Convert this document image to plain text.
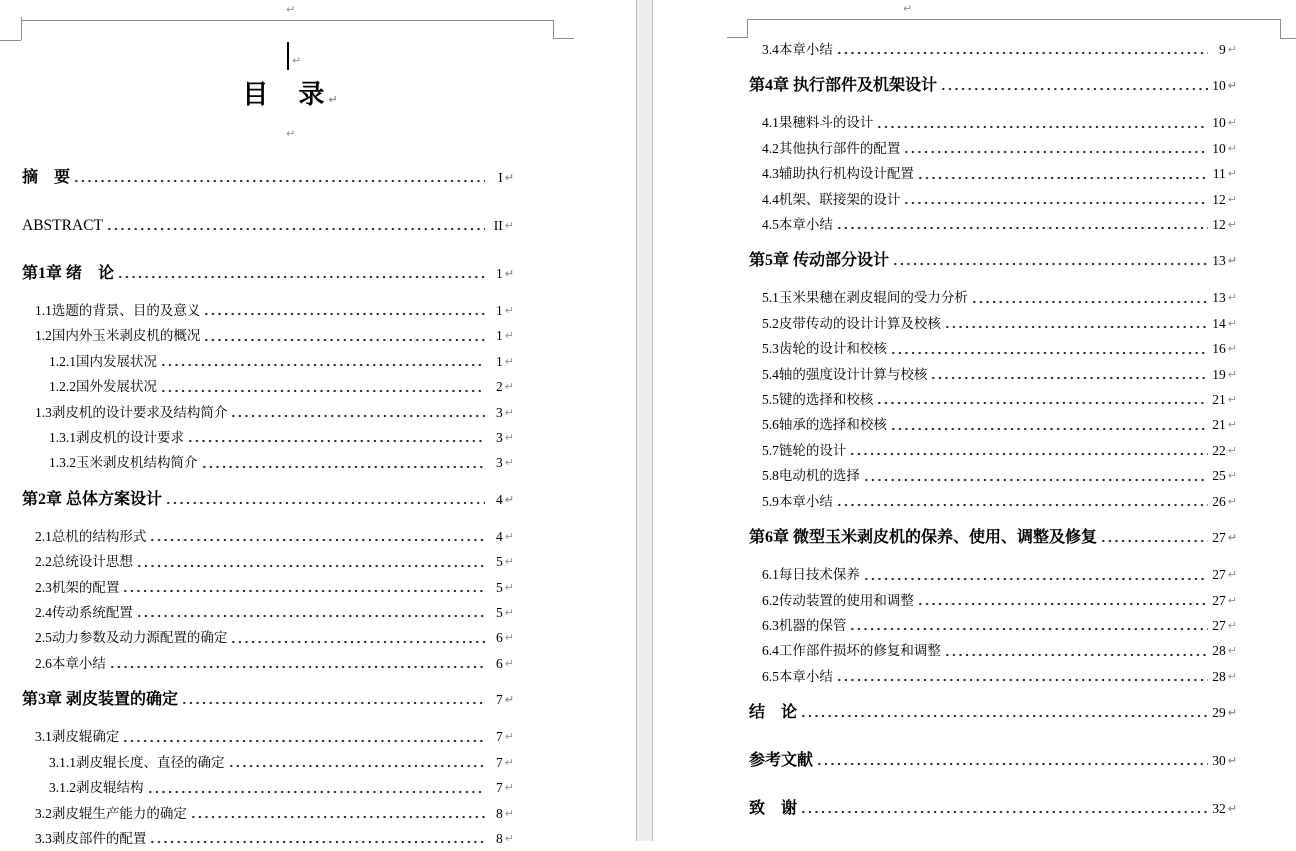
↵
↵
目　录 ↵
↵
摘　要	I ↵
ABSTRACT	II ↵
第1章 绪　论	1 ↵
1.1选题的背景、目的及意义	1 ↵
1.2国内外玉米剥皮机的概况	1 ↵
1.2.1国内发展状况	1 ↵
1.2.2国外发展状况	2 ↵
1.3剥皮机的设计要求及结构简介	3 ↵
1.3.1剥皮机的设计要求	3 ↵
1.3.2玉米剥皮机结构简介	3 ↵
第2章 总体方案设计	4 ↵
2.1总机的结构形式	4 ↵
2.2总统设计思想	5 ↵
2.3机架的配置	5 ↵
2.4传动系统配置	5 ↵
2.5动力参数及动力源配置的确定	6 ↵
2.6本章小结	6 ↵
第3章 剥皮装置的确定	7 ↵
3.1剥皮辊确定	7 ↵
3.1.1剥皮辊长度、直径的确定	7 ↵
3.1.2剥皮辊结构	7 ↵
3.2剥皮辊生产能力的确定	8 ↵
3.3剥皮部件的配置	8 ↵
↵
3.4本章小结	9 ↵
第4章 执行部件及机架设计	10 ↵
4.1果穗料斗的设计	10 ↵
4.2其他执行部件的配置	10 ↵
4.3辅助执行机构设计配置	11 ↵
4.4机架、联接架的设计	12 ↵
4.5本章小结	12 ↵
第5章 传动部分设计	13 ↵
5.1玉米果穗在剥皮辊间的受力分析	13 ↵
5.2皮带传动的设计计算及校核	14 ↵
5.3齿轮的设计和校核	16 ↵
5.4轴的强度设计计算与校核	19 ↵
5.5键的选择和校核	21 ↵
5.6轴承的选择和校核	21 ↵
5.7链轮的设计	22 ↵
5.8电动机的选择	25 ↵
5.9本章小结	26 ↵
第6章 微型玉米剥皮机的保养、使用、调整及修复	27 ↵
6.1每日技术保养	27 ↵
6.2传动装置的使用和调整	27 ↵
6.3机器的保管	27 ↵
6.4工作部件损坏的修复和调整	28 ↵
6.5本章小结	28 ↵
结　论	29 ↵
参考文献	30 ↵
致　谢	32 ↵
